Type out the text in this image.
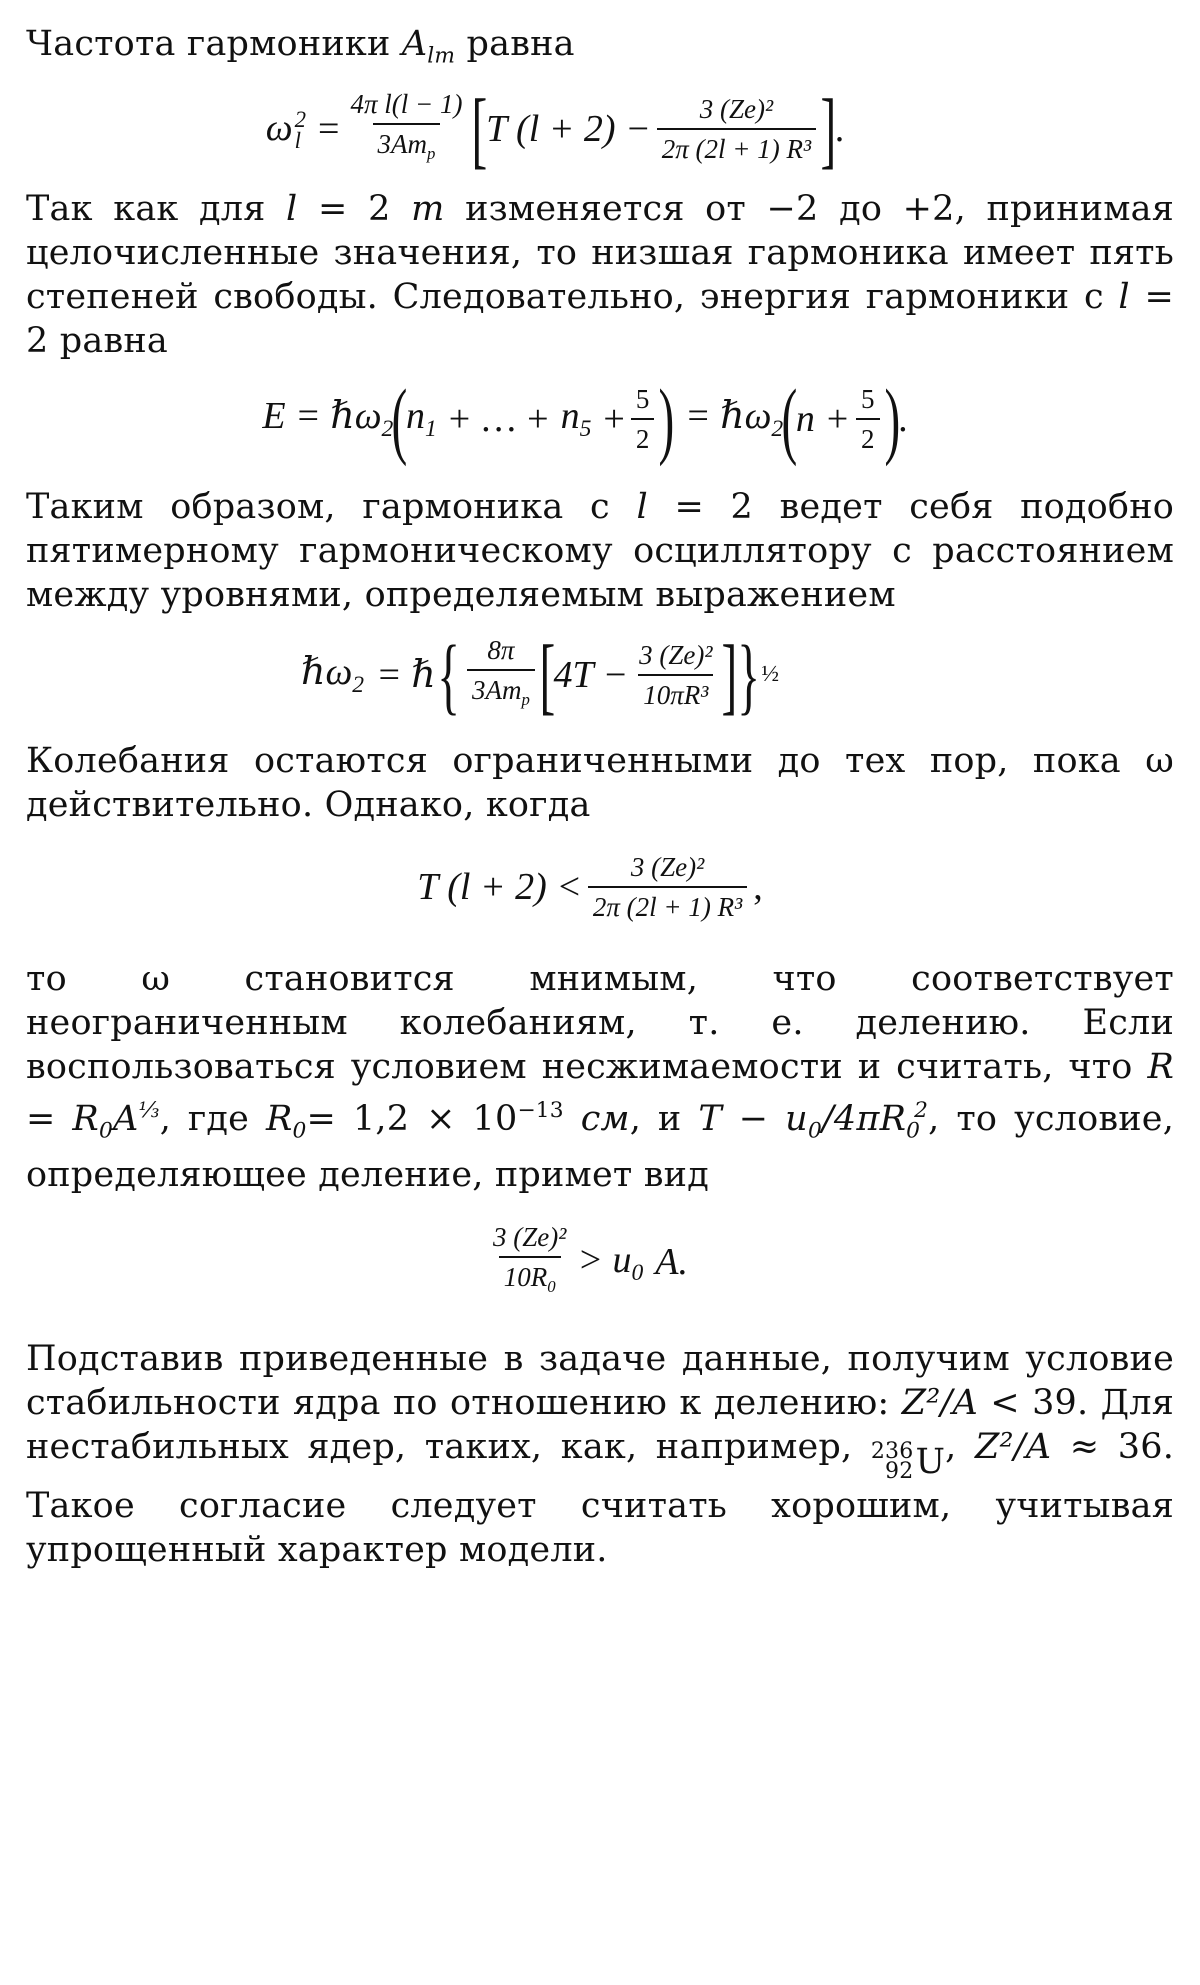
Частота гармоники $A_{lm}$ равна

ω 2
$l = \frac{\text{4π l(l − 1)}}{3Am_p}$ [
T $(l + 2) - \frac{\text{3 (Ze)²}}{\text{2π (2l + 1) R³}}$ ]
.

Так как для l = 2 m изменяется от −2 до +2, принимая целочисленные значения, то низшая гармоника имеет пять степеней свободы. Следовательно, энергия гармоники с l = 2 равна

E = ℏω$_2$
(
$n_1$ + … + $n_5 + \frac{5}{2}$ ) = ℏω$_2$
(
$n + \frac{5}{2}$ )
.

Таким образом, гармоника с l = 2 ведет себя подобно пятимерному гармоническому осциллятору с расстоянием между уровнями, определяемым выражением

ℏω$_2$ = ℏ { $\frac{8\pi}{3Am_p}$ [
$4T - \frac{\text{3 (Ze)²}}{\text{10πR³}}$ ] } ½

Колебания остаются ограниченными до тех пор, пока ω действительно. Однако, когда

T $(l + 2) < \frac{\text{3 (Ze)²}}{\text{2π (2l + 1) R³}}$ ,

то ω становится мнимым, что соответствует неограниченным колебаниям, т. е. делению. Если воспользоваться условием несжимаемости и считать, что $R = R_0A^{\frac{1}{3}}$, где $R_0= 1,2 \times 10^{-13}$ см, и $T - u_0/4\pi R_0^2$, то условие, определяющее деление, примет вид

$\frac{\text{3 (Ze)²}}{10R_0} > u_0$ A.

Подставив приведенные в задаче данные, получим условие стабильности ядра по отношению к делению: Z²/A < 39. Для нестабильных ядер, таких, как, например, 236
92 U , Z²/A ≈ 36. Такое согласие следует считать хорошим, учитывая упрощенный характер модели.
